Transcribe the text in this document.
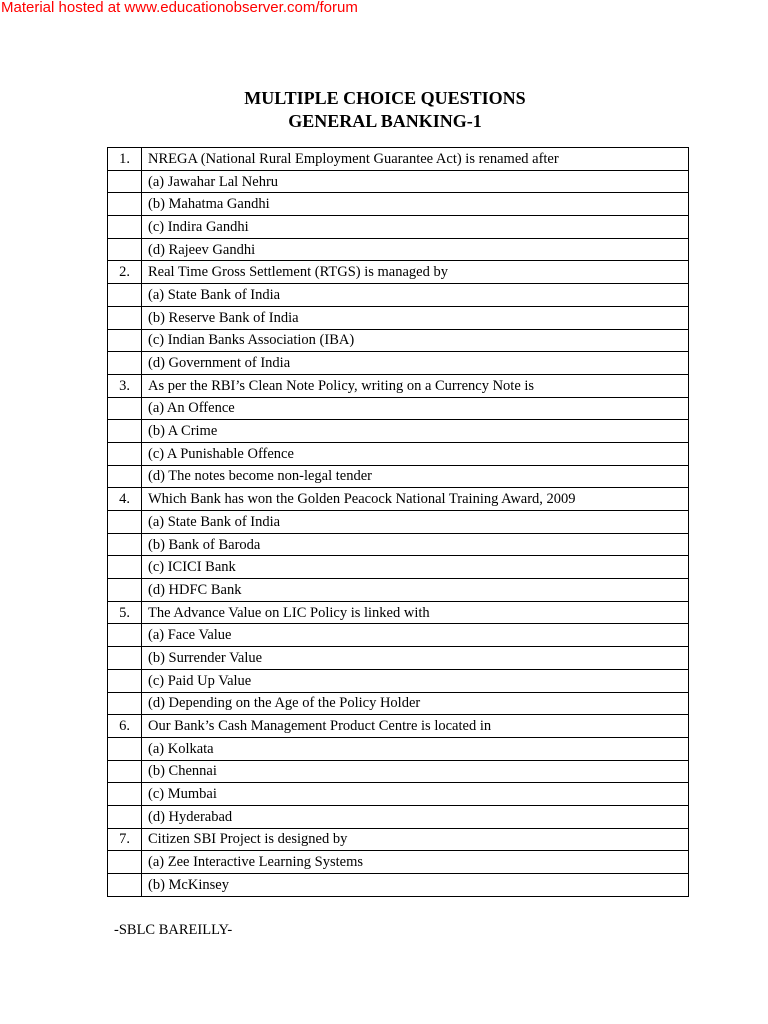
Material hosted at www.educationobserver.com/forum
MULTIPLE CHOICE QUESTIONS
GENERAL BANKING-1
1.	NREGA (National Rural Employment Guarantee Act) is renamed after
	(a) Jawahar Lal Nehru
	(b) Mahatma Gandhi
	(c) Indira Gandhi
	(d) Rajeev Gandhi
2.	Real Time Gross Settlement (RTGS) is managed by
	(a) State Bank of India
	(b) Reserve Bank of India
	(c) Indian Banks Association (IBA)
	(d) Government of India
3.	As per the RBI’s Clean Note Policy, writing on a Currency Note is
	(a) An Offence
	(b) A Crime
	(c) A Punishable Offence
	(d) The notes become non-legal tender
4.	Which Bank has won the Golden Peacock National Training Award, 2009
	(a) State Bank of India
	(b) Bank of Baroda
	(c) ICICI Bank
	(d) HDFC Bank
5.	The Advance Value on LIC Policy is linked with
	(a) Face Value
	(b) Surrender Value
	(c) Paid Up Value
	(d) Depending on the Age of the Policy Holder
6.	Our Bank’s Cash Management Product Centre is located in
	(a) Kolkata
	(b) Chennai
	(c) Mumbai
	(d) Hyderabad
7.	Citizen SBI Project is designed by
	(a) Zee Interactive Learning Systems
	(b) McKinsey
-SBLC BAREILLY-
